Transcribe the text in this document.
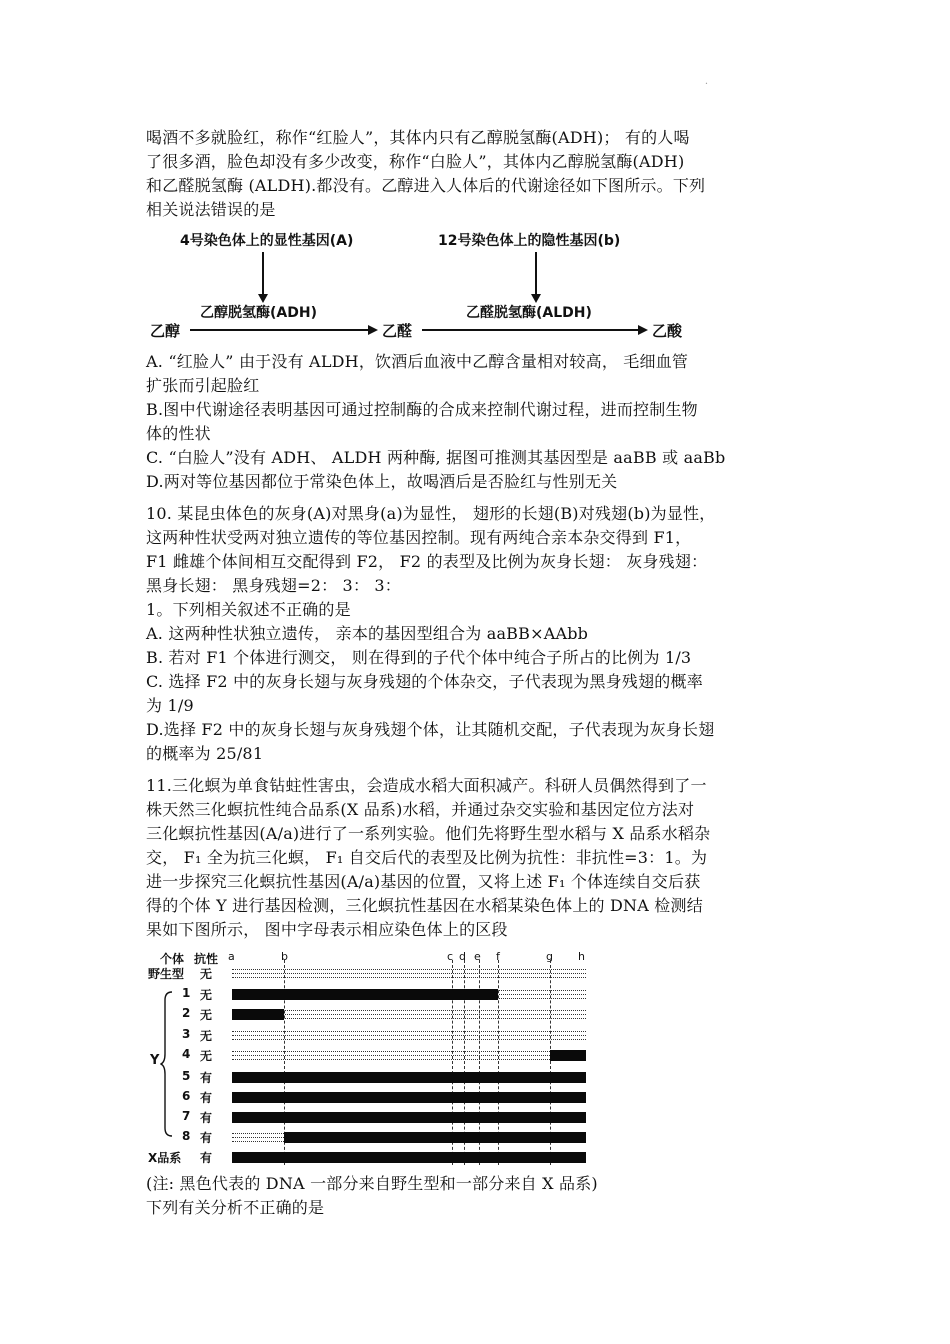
.

喝酒不多就脸红，称作“红脸人”，其体内只有乙醇脱氢酶(ADH)； 有的人喝

了很多酒，脸色却没有多少改变，称作“白脸人”，其体内乙醇脱氢酶(ADH)

和乙醛脱氢酶 (ALDH).都没有。乙醇进入人体后的代谢途径如下图所示。下列

相关说法错误的是

4号染色体上的显性基因(A)	12号染色体上的隐性基因(b)
乙醇脱氢酶(ADH)	乙醛脱氢酶(ALDH)
乙醇	乙醛	乙酸

A. “红脸人” 由于没有 ALDH，饮酒后血液中乙醇含量相对较高， 毛细血管

扩张而引起脸红

B.图中代谢途径表明基因可通过控制酶的合成来控制代谢过程，进而控制生物

体的性状

C. “白脸人”没有 ADH、 ALDH 两种酶, 据图可推测其基因型是 aaBB 或 aaBb

D.两对等位基因都位于常染色体上，故喝酒后是否脸红与性别无关

10. 某昆虫体色的灰身(A)对黑身(a)为显性， 翅形的长翅(B)对残翅(b)为显性，

这两种性状受两对独立遗传的等位基因控制。现有两纯合亲本杂交得到 F1，

F1 雌雄个体间相互交配得到 F2， F2 的表型及比例为灰身长翅： 灰身残翅：

黑身长翅： 黑身残翅=2： 3： 3：

1。下列相关叙述不正确的是

A. 这两种性状独立遗传， 亲本的基因型组合为 aaBB×AAbb

B. 若对 F1 个体进行测交， 则在得到的子代个体中纯合子所占的比例为 1/3

C. 选择 F2 中的灰身长翅与灰身残翅的个体杂交，子代表现为黑身残翅的概率

为 1/9

D.选择 F2 中的灰身长翅与灰身残翅个体，让其随机交配，子代表现为灰身长翅

的概率为 25/81

11.三化螟为单食钻蛀性害虫，会造成水稻大面积减产。科研人员偶然得到了一

株天然三化螟抗性纯合品系(X 品系)水稻，并通过杂交实验和基因定位方法对

三化螟抗性基因(A/a)进行了一系列实验。他们先将野生型水稻与 X 品系水稻杂

交， F₁ 全为抗三化螟， F₁ 自交后代的表型及比例为抗性：非抗性=3：1。为

进一步探究三化螟抗性基因(A/a)基因的位置，又将上述 F₁ 个体连续自交后获

得的个体 Y 进行基因检测，三化螟抗性基因在水稻某染色体上的 DNA 检测结

果如下图所示， 图中字母表示相应染色体上的区段

个体 抗性 a	b	c d e f	g h
Y
野生型 无
1 无
2 无
3 无
4 无
5 有
6 有
7 有
8 有
X品系 有
(注: 黑色代表的 DNA 一部分来自野生型和一部分来自 X 品系)
下列有关分析不正确的是
